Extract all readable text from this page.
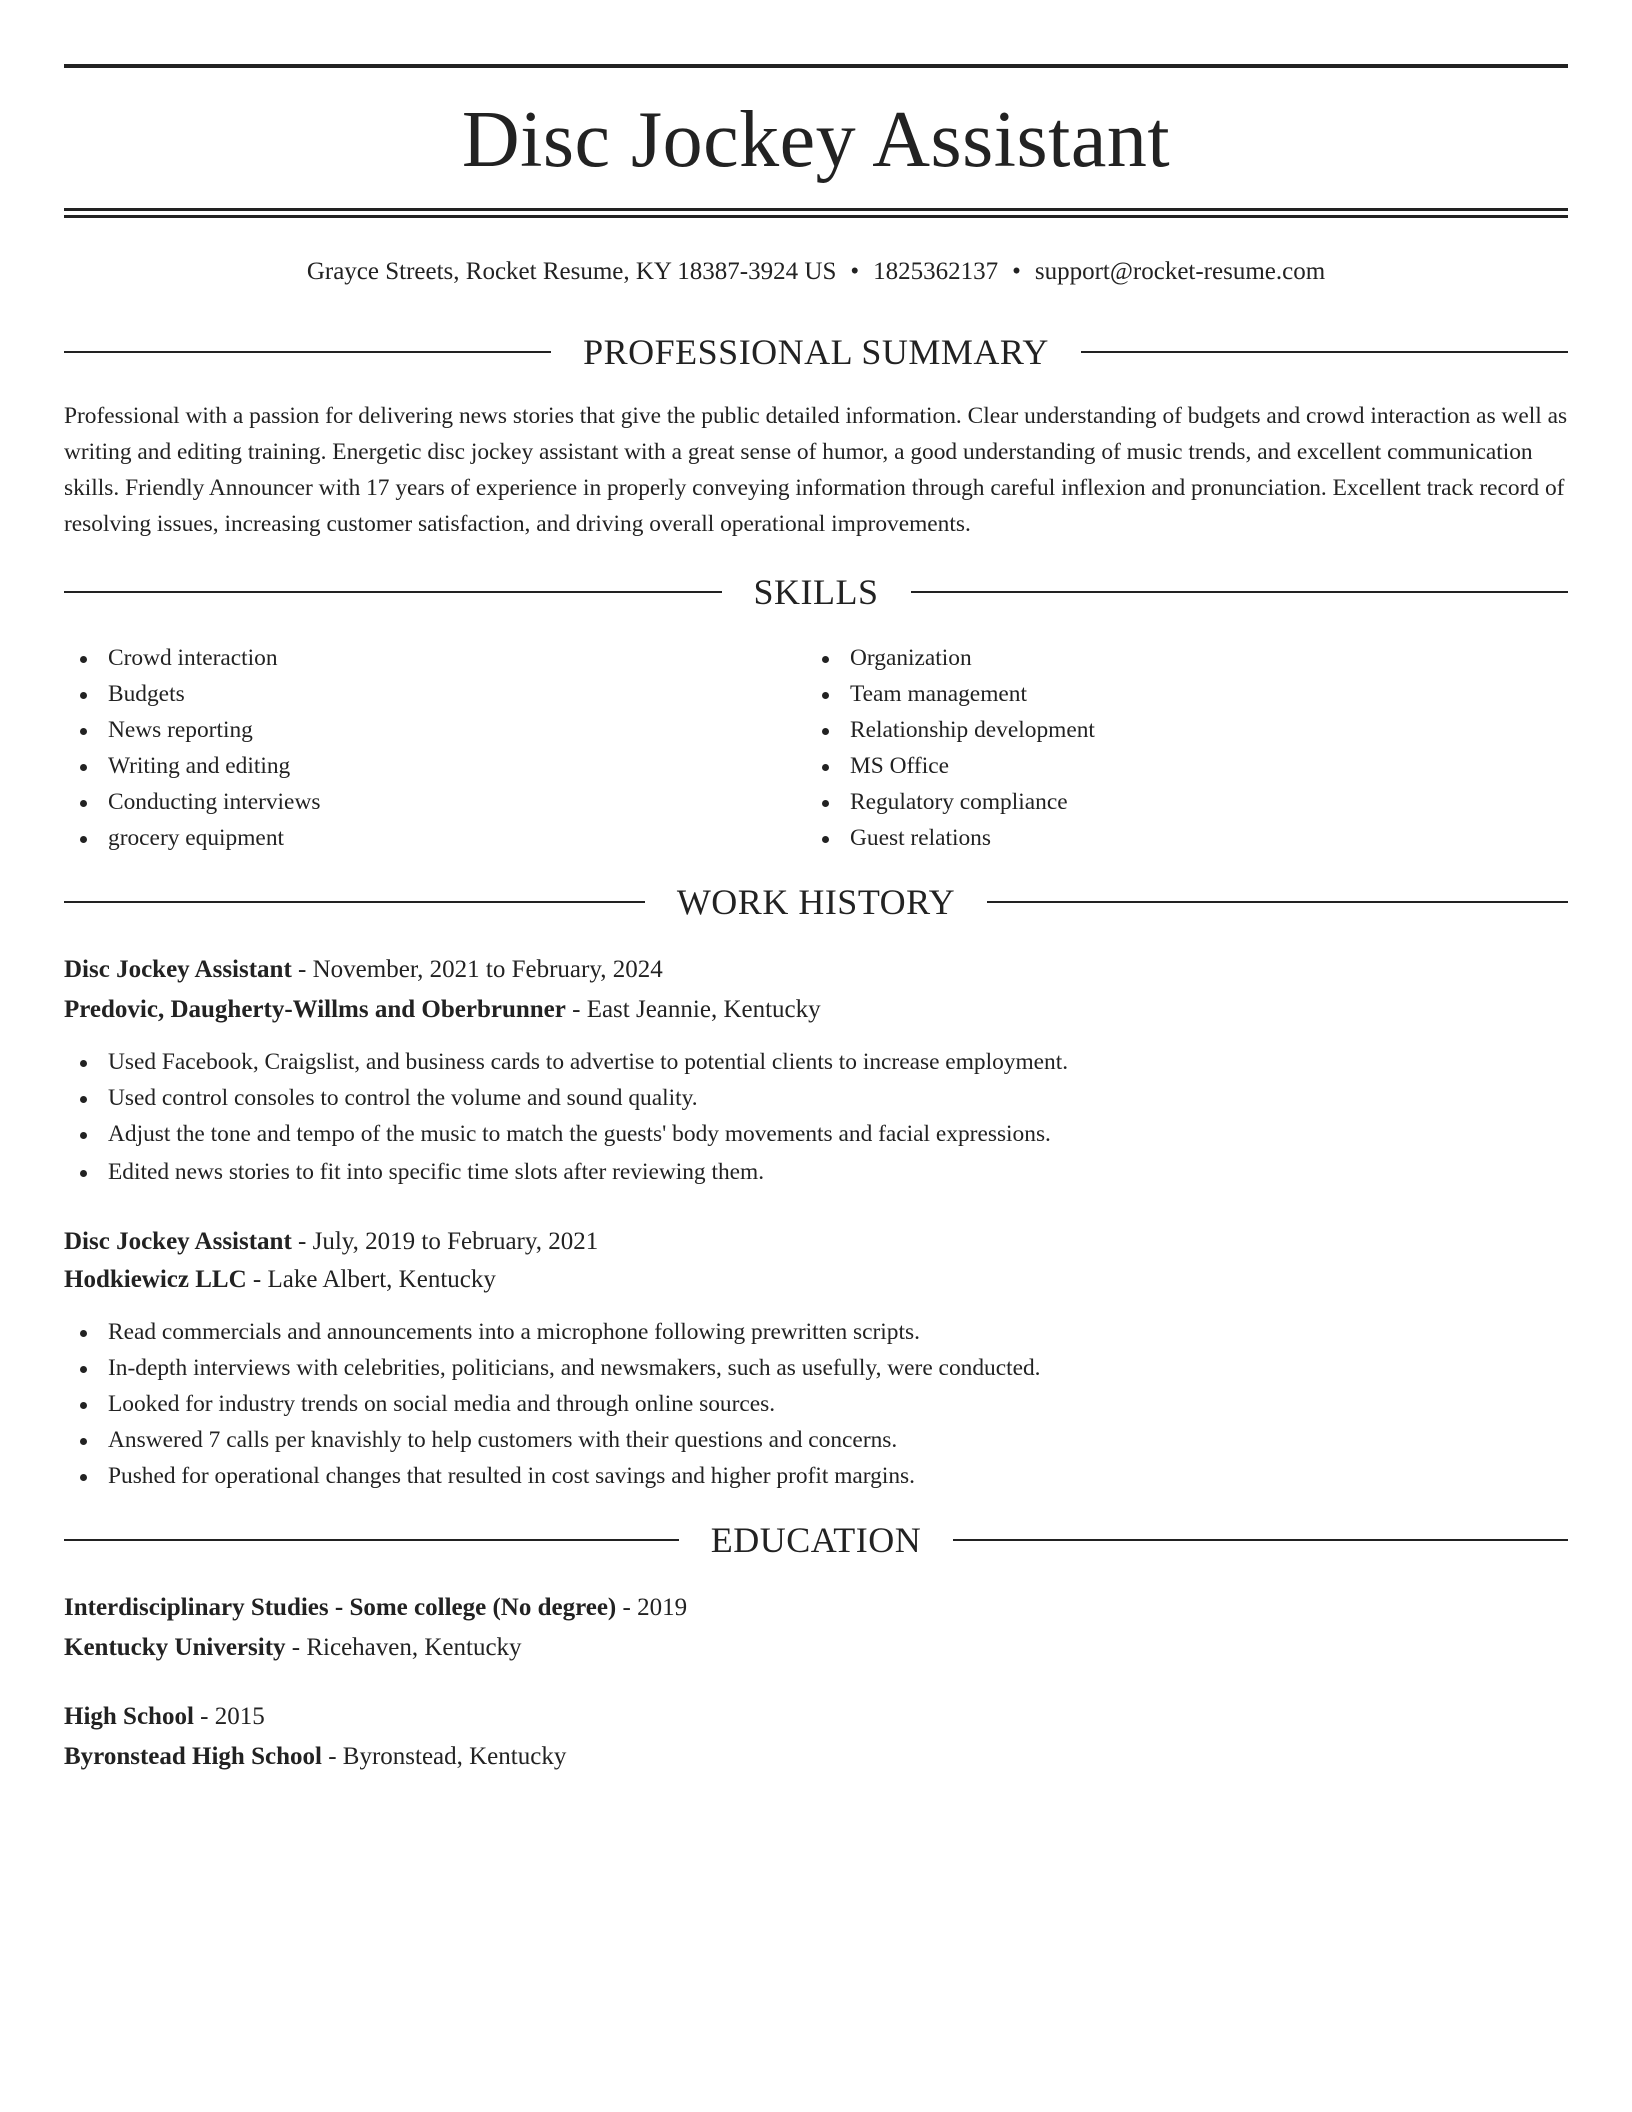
Disc Jockey Assistant
Grayce Streets, Rocket Resume, KY 18387-3924 US • 1825362137 • support@rocket-resume.com
PROFESSIONAL SUMMARY

Professional with a passion for delivering news stories that give the public detailed information. Clear understanding of budgets and crowd interaction as well as writing and editing training. Energetic disc jockey assistant with a great sense of humor, a good understanding of music trends, and excellent communication skills. Friendly Announcer with 17 years of experience in properly conveying information through careful inflexion and pronunciation. Excellent track record of resolving issues, increasing customer satisfaction, and driving overall operational improvements.

SKILLS
Crowd interaction
Budgets
News reporting
Writing and editing
Conducting interviews
grocery equipment
Organization
Team management
Relationship development
MS Office
Regulatory compliance
Guest relations
WORK HISTORY
Disc Jockey Assistant - November, 2021 to February, 2024
Predovic, Daugherty-Willms and Oberbrunner - East Jeannie, Kentucky
Used Facebook, Craigslist, and business cards to advertise to potential clients to increase employment.
Used control consoles to control the volume and sound quality.
Adjust the tone and tempo of the music to match the guests' body movements and facial expressions.
Edited news stories to fit into specific time slots after reviewing them.
Disc Jockey Assistant - July, 2019 to February, 2021
Hodkiewicz LLC - Lake Albert, Kentucky
Read commercials and announcements into a microphone following prewritten scripts.
In-depth interviews with celebrities, politicians, and newsmakers, such as usefully, were conducted.
Looked for industry trends on social media and through online sources.
Answered 7 calls per knavishly to help customers with their questions and concerns.
Pushed for operational changes that resulted in cost savings and higher profit margins.
EDUCATION
Interdisciplinary Studies - Some college (No degree) - 2019
Kentucky University - Ricehaven, Kentucky
High School - 2015
Byronstead High School - Byronstead, Kentucky
